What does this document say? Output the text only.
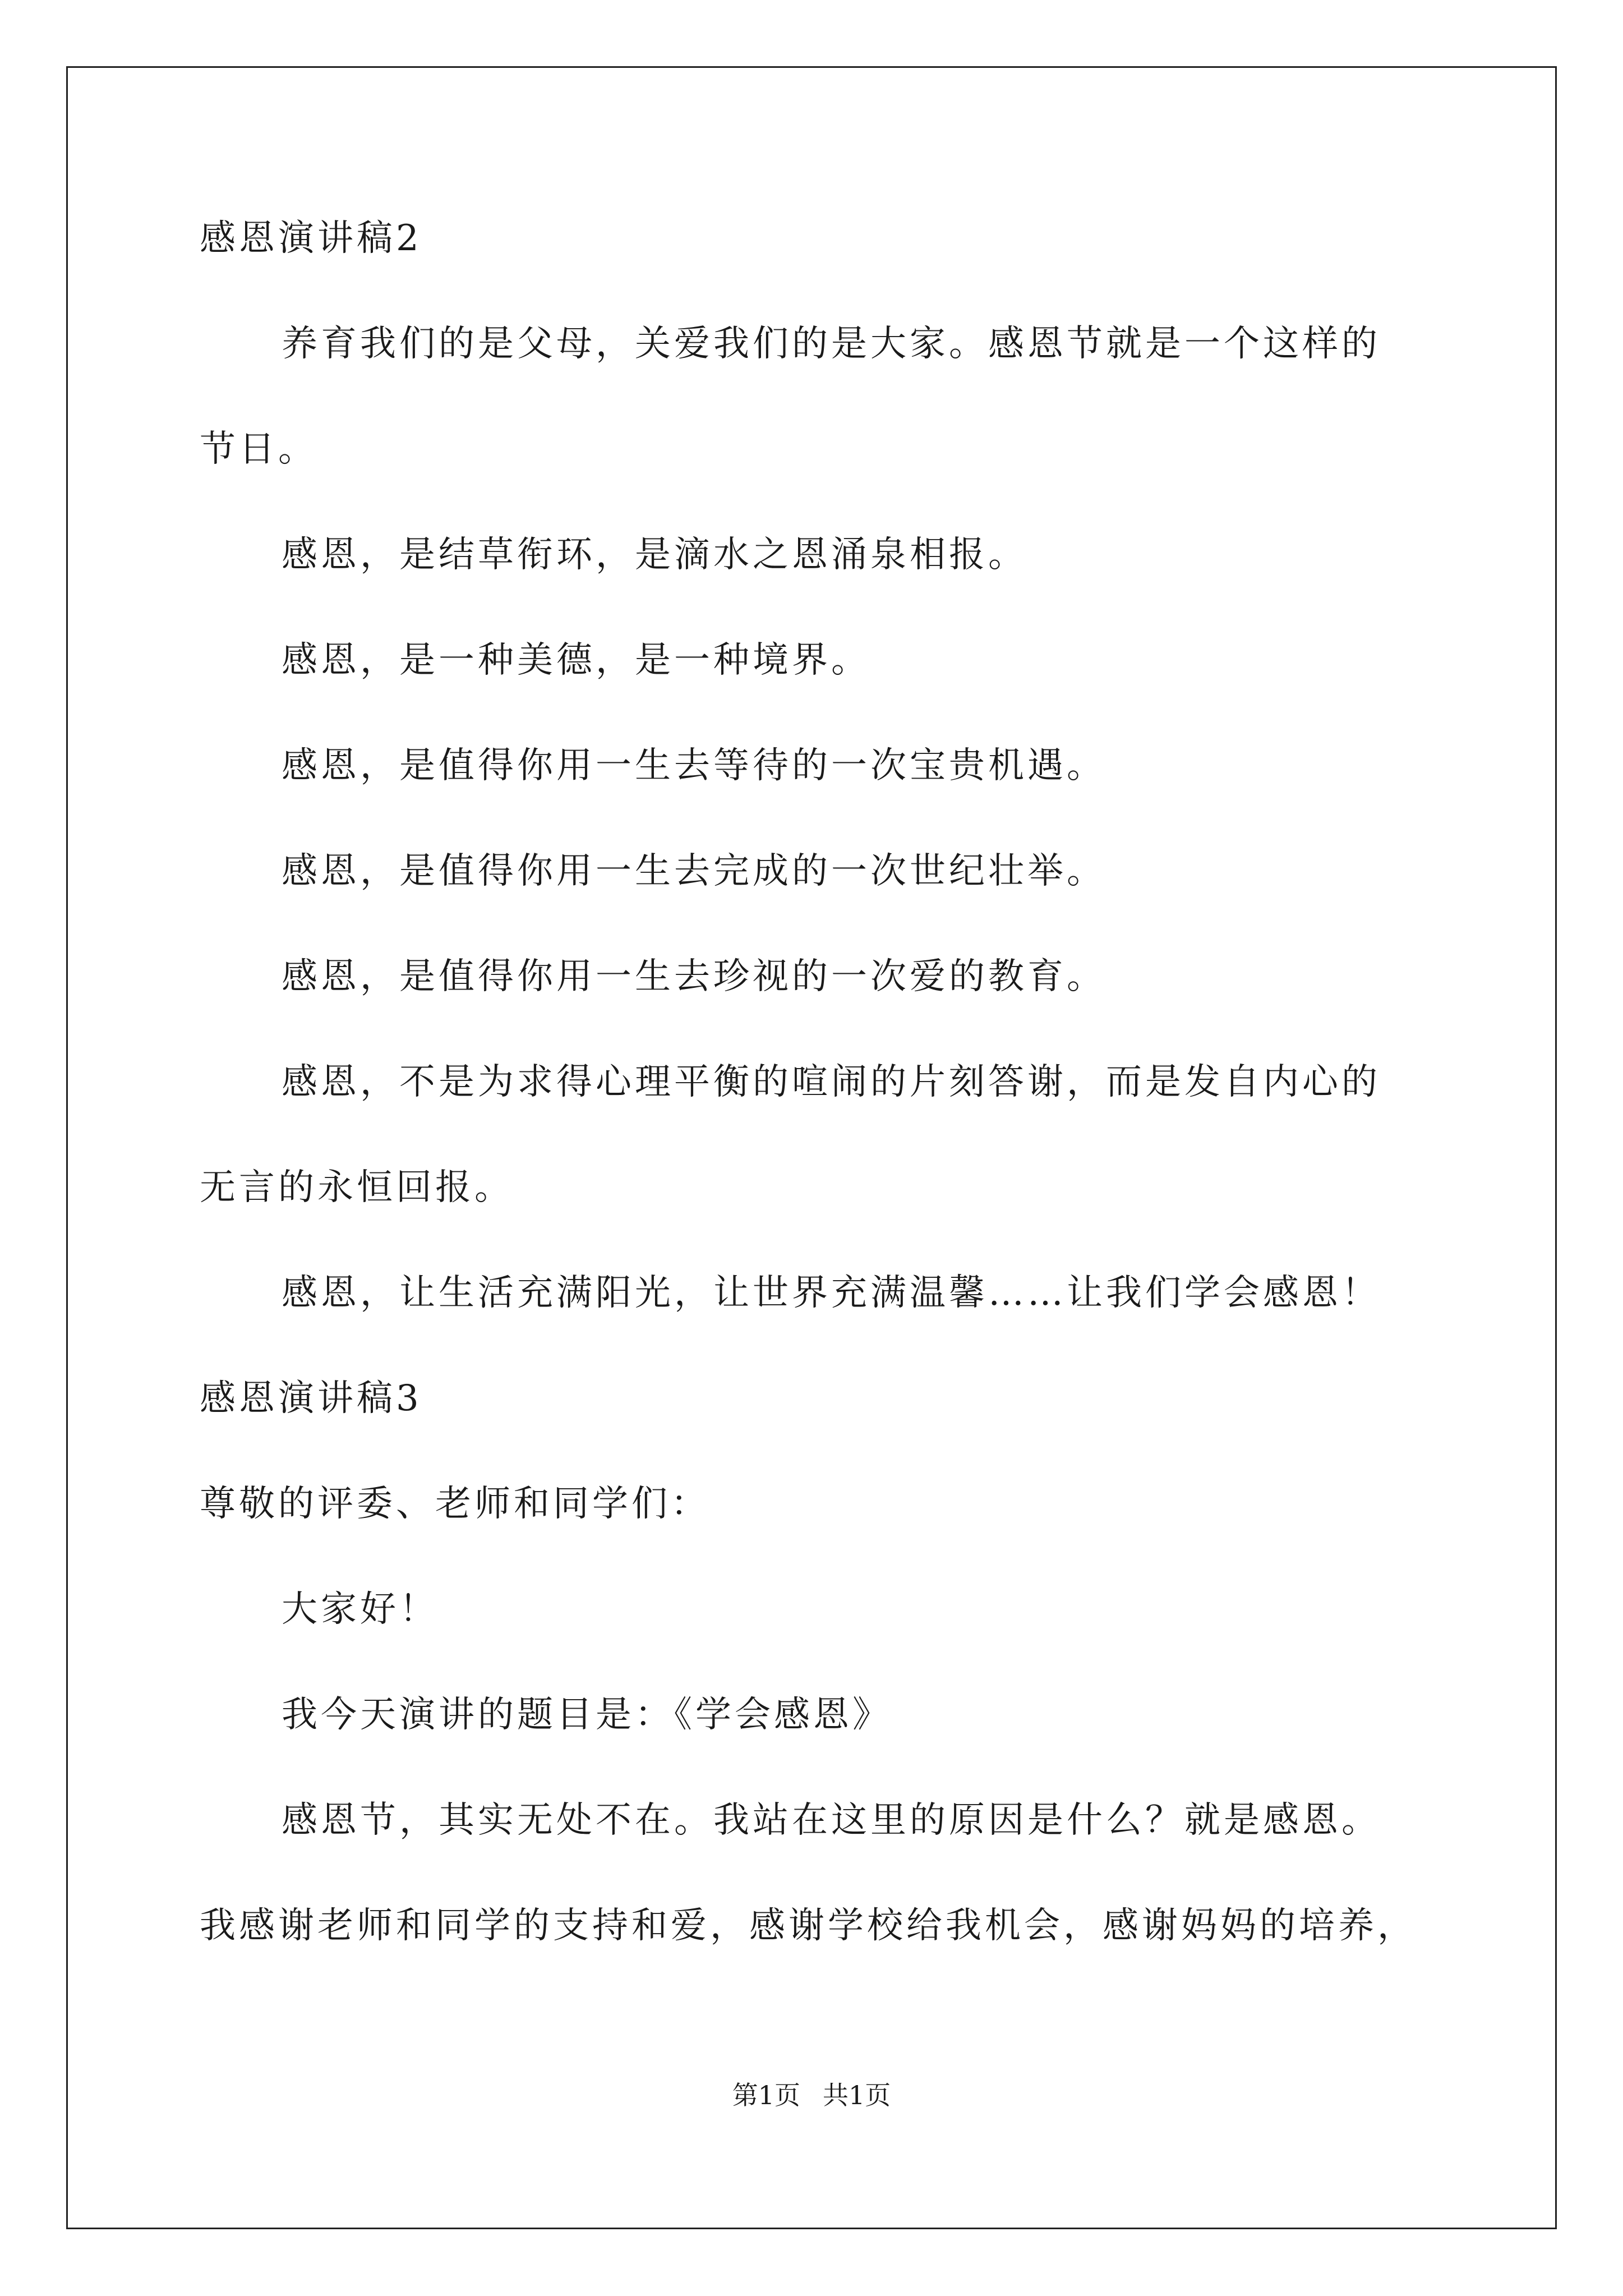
感恩演讲稿2
养育我们的是父母，关爱我们的是大家。感恩节就是一个这样的
节日。
感恩，是结草衔环，是滴水之恩涌泉相报。
感恩，是一种美德，是一种境界。
感恩，是值得你用一生去等待的一次宝贵机遇。
感恩，是值得你用一生去完成的一次世纪壮举。
感恩，是值得你用一生去珍视的一次爱的教育。
感恩，不是为求得心理平衡的喧闹的片刻答谢，而是发自内心的
无言的永恒回报。
感恩，让生活充满阳光，让世界充满温馨……让我们学会感恩！
感恩演讲稿3
尊敬的评委、老师和同学们：
大家好！
我今天演讲的题目是：《学会感恩》
感恩节，其实无处不在。我站在这里的原因是什么？就是感恩。
我感谢老师和同学的支持和爱，感谢学校给我机会，感谢妈妈的培养，
第1页 共1页
